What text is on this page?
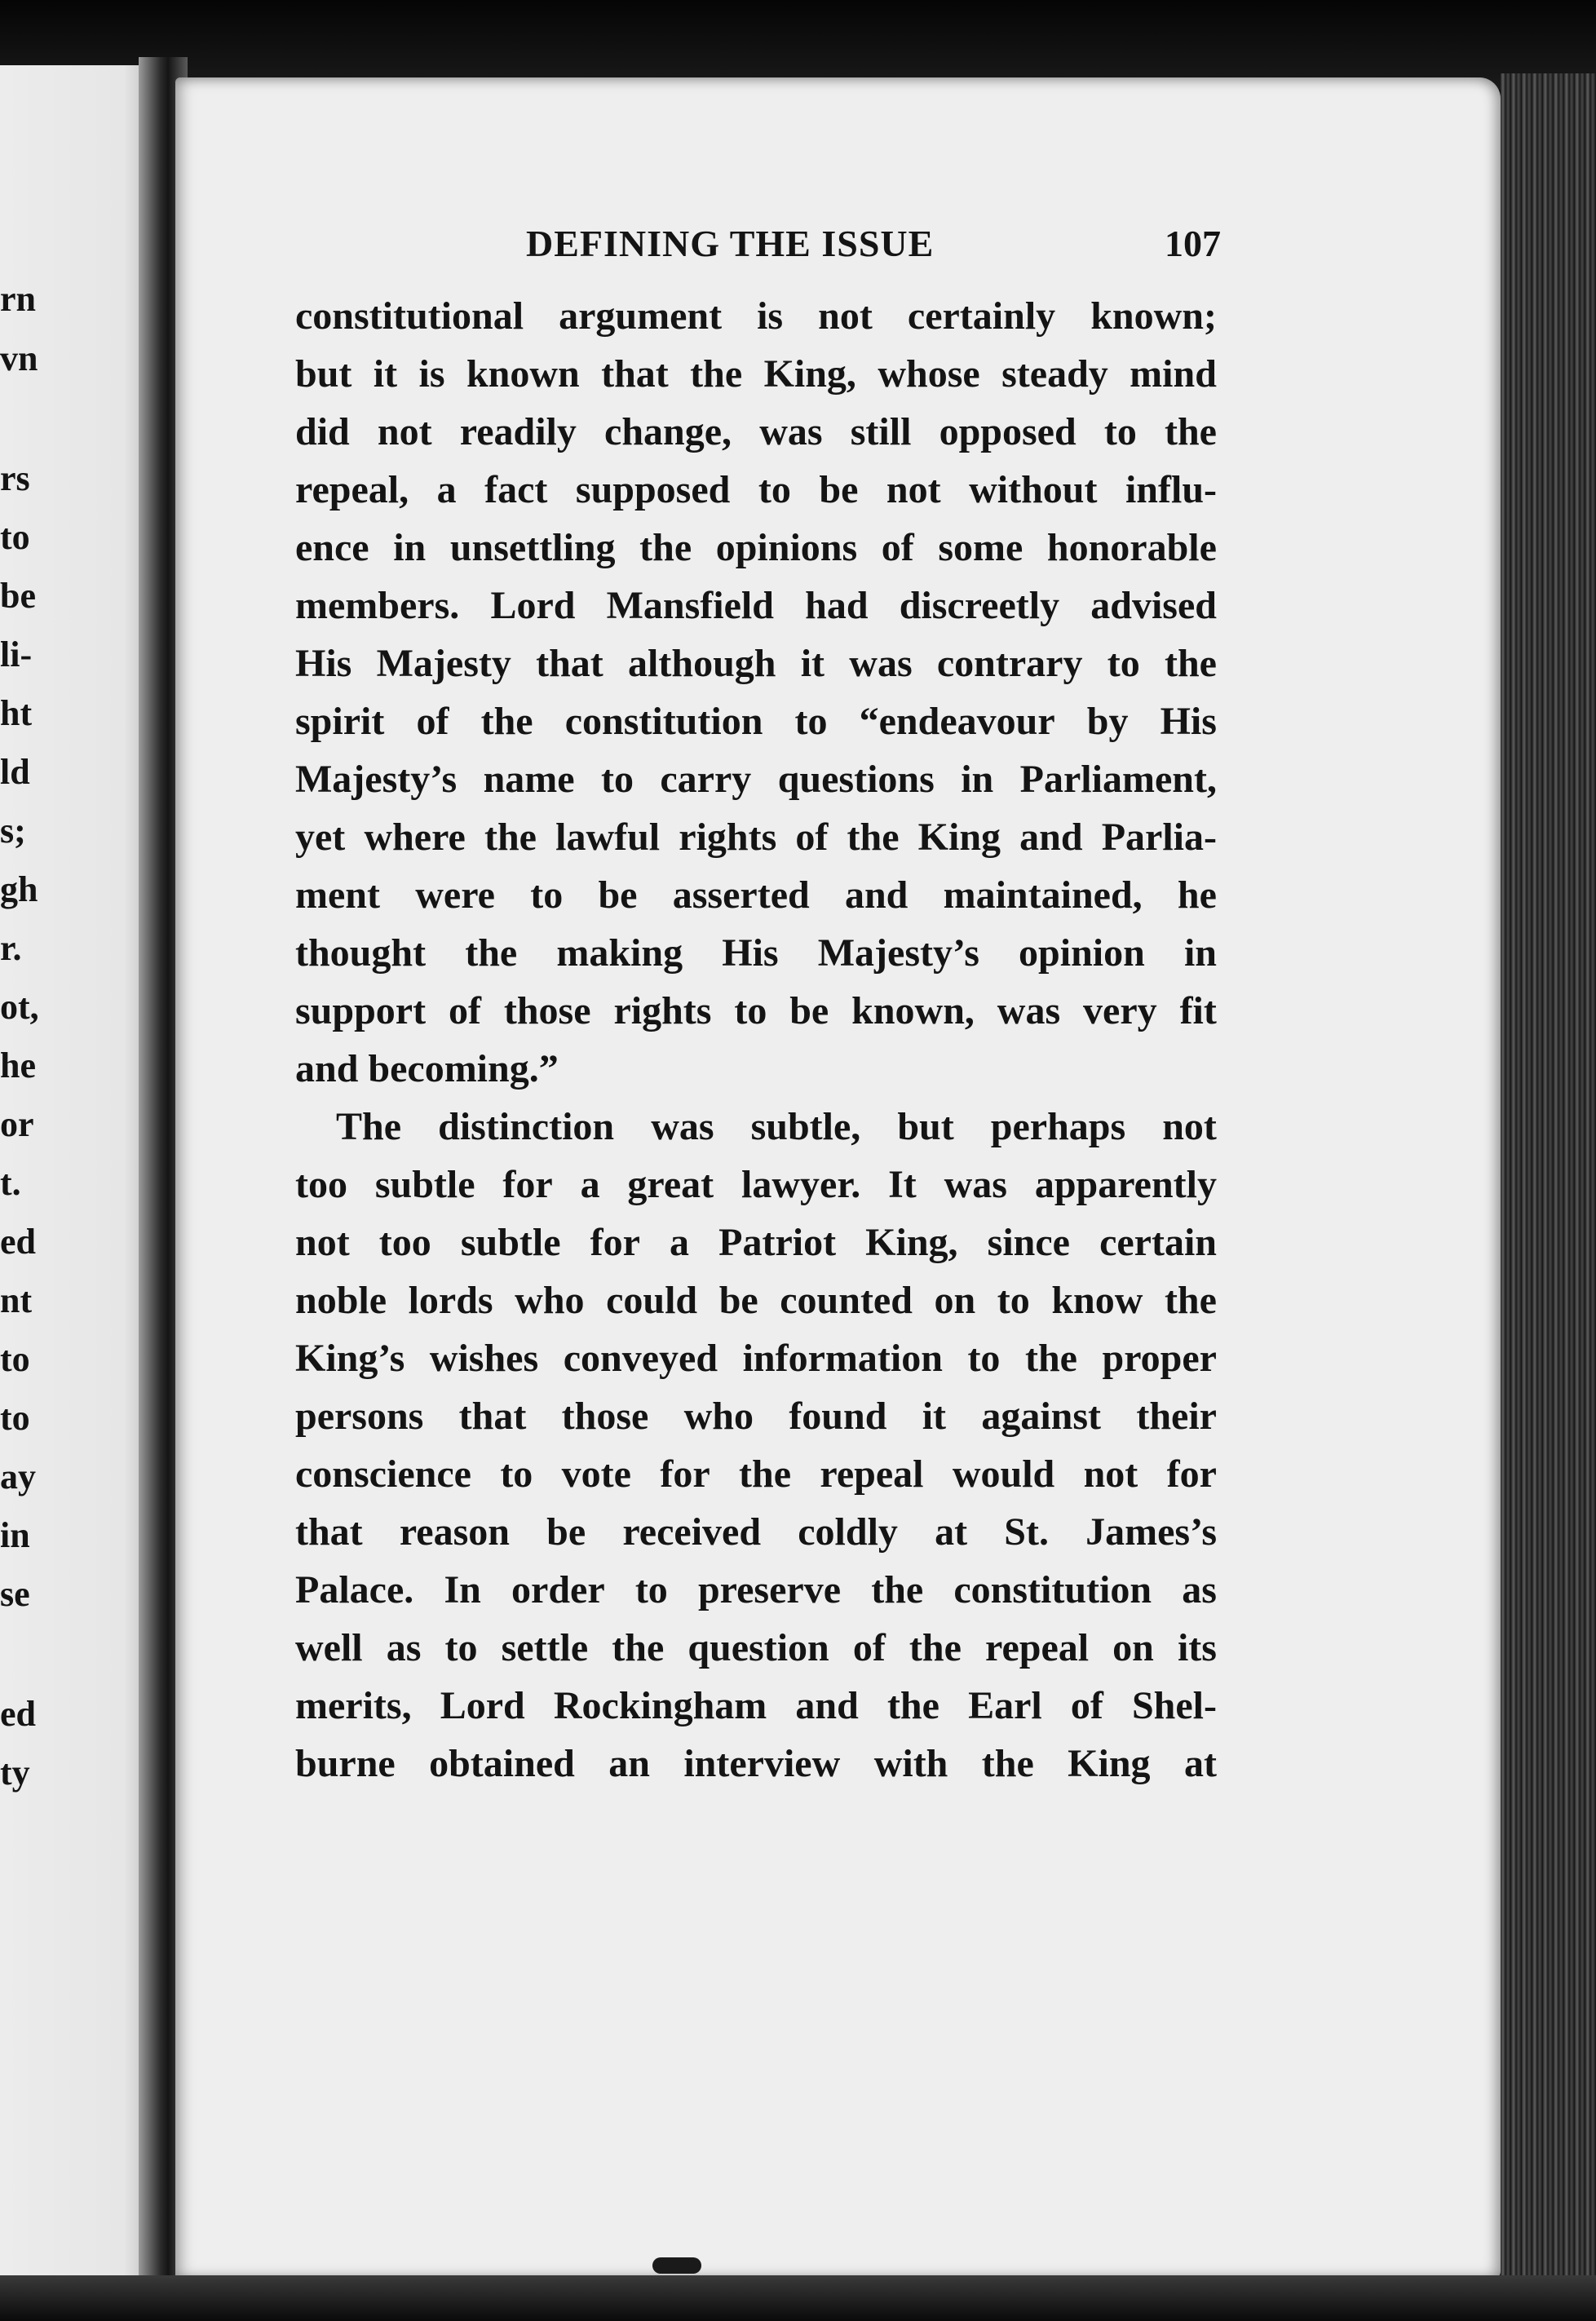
rn
vn
rs
to
be
li-
ht
ld
s;
gh
r.
ot,
he
or
t.
ed
nt
to
to
ay
in
se
ed
ty
DEFINING THE ISSUE	107
constitutional argument is not certainly known;
but it is known that the King, whose steady mind
did not readily change, was still opposed to the
repeal, a fact supposed to be not without influ-
ence in unsettling the opinions of some honorable
members. Lord Mansfield had discreetly advised
His Majesty that although it was contrary to the
spirit of the constitution to “endeavour by His
Majesty’s name to carry questions in Parliament,
yet where the lawful rights of the King and Parlia-
ment were to be asserted and maintained, he
thought the making His Majesty’s opinion in
support of those rights to be known, was very fit
and becoming.”
The distinction was subtle, but perhaps not
too subtle for a great lawyer. It was apparently
not too subtle for a Patriot King, since certain
noble lords who could be counted on to know the
King’s wishes conveyed information to the proper
persons that those who found it against their
conscience to vote for the repeal would not for
that reason be received coldly at St. James’s
Palace. In order to preserve the constitution as
well as to settle the question of the repeal on its
merits, Lord Rockingham and the Earl of Shel-
burne obtained an interview with the King at
